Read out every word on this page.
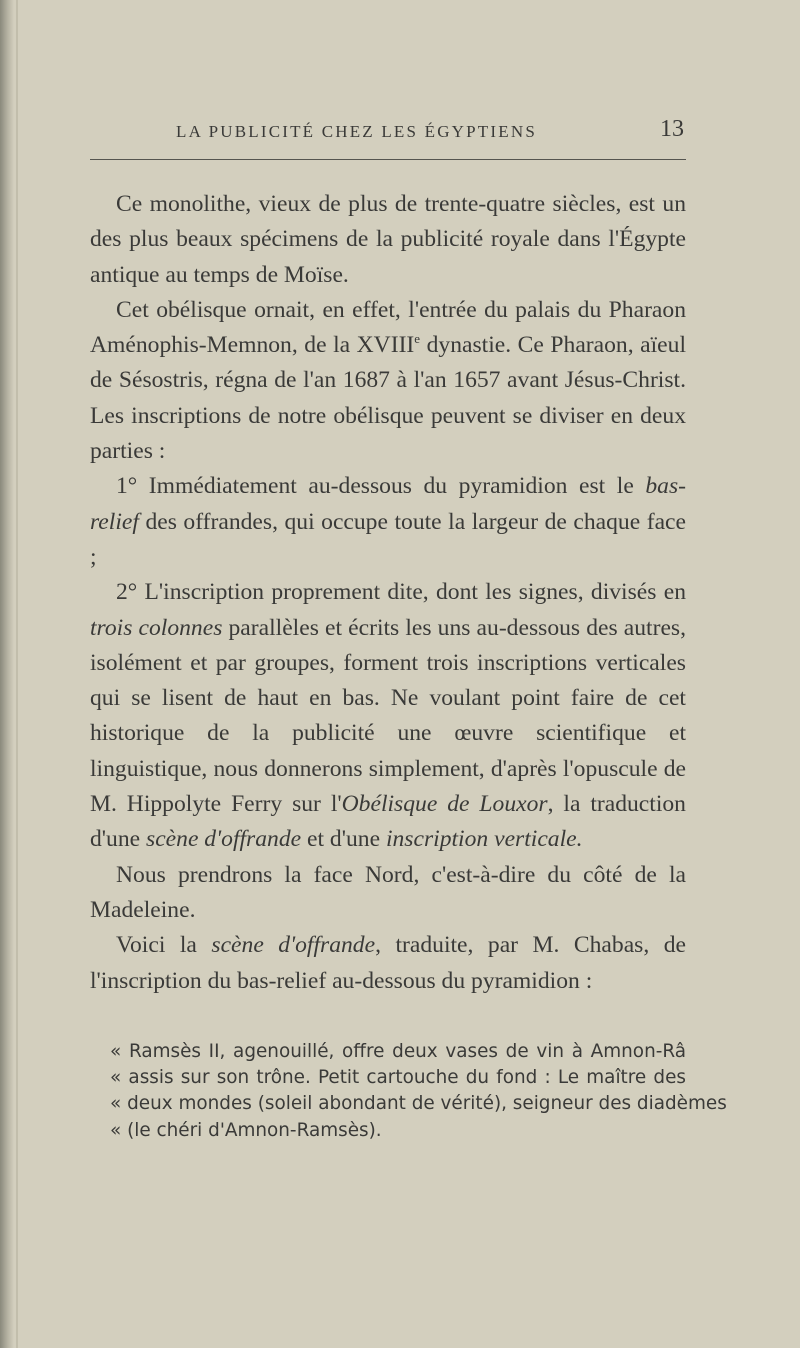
LA PUBLICITÉ CHEZ LES ÉGYPTIENS	13

Ce monolithe, vieux de plus de trente-quatre siècles, est un des plus beaux spécimens de la publicité royale dans l'Égypte antique au temps de Moïse.

Cet obélisque ornait, en effet, l'entrée du palais du Pharaon Aménophis-Memnon, de la XVIIIe dynastie. Ce Pharaon, aïeul de Sésostris, régna de l'an 1687 à l'an 1657 avant Jésus-Christ. Les inscriptions de notre obélisque peuvent se diviser en deux parties :

1° Immédiatement au-dessous du pyramidion est le bas-relief des offrandes, qui occupe toute la largeur de chaque face ;

2° L'inscription proprement dite, dont les signes, divisés en trois colonnes parallèles et écrits les uns au-dessous des autres, isolément et par groupes, forment trois inscriptions verticales qui se lisent de haut en bas. Ne voulant point faire de cet historique de la publicité une œuvre scientifique et linguistique, nous donnerons simplement, d'après l'opuscule de M. Hippolyte Ferry sur l'Obélisque de Louxor, la traduction d'une scène d'offrande et d'une inscription verticale.

Nous prendrons la face Nord, c'est-à-dire du côté de la Madeleine.

Voici la scène d'offrande, traduite, par M. Chabas, de l'inscription du bas-relief au-dessous du pyramidion :

« Ramsès II, agenouillé, offre deux vases de vin à Amnon-Râ
« assis sur son trône. Petit cartouche du fond : Le maître des
« deux mondes (soleil abondant de vérité), seigneur des diadèmes
« (le chéri d'Amnon-Ramsès).
